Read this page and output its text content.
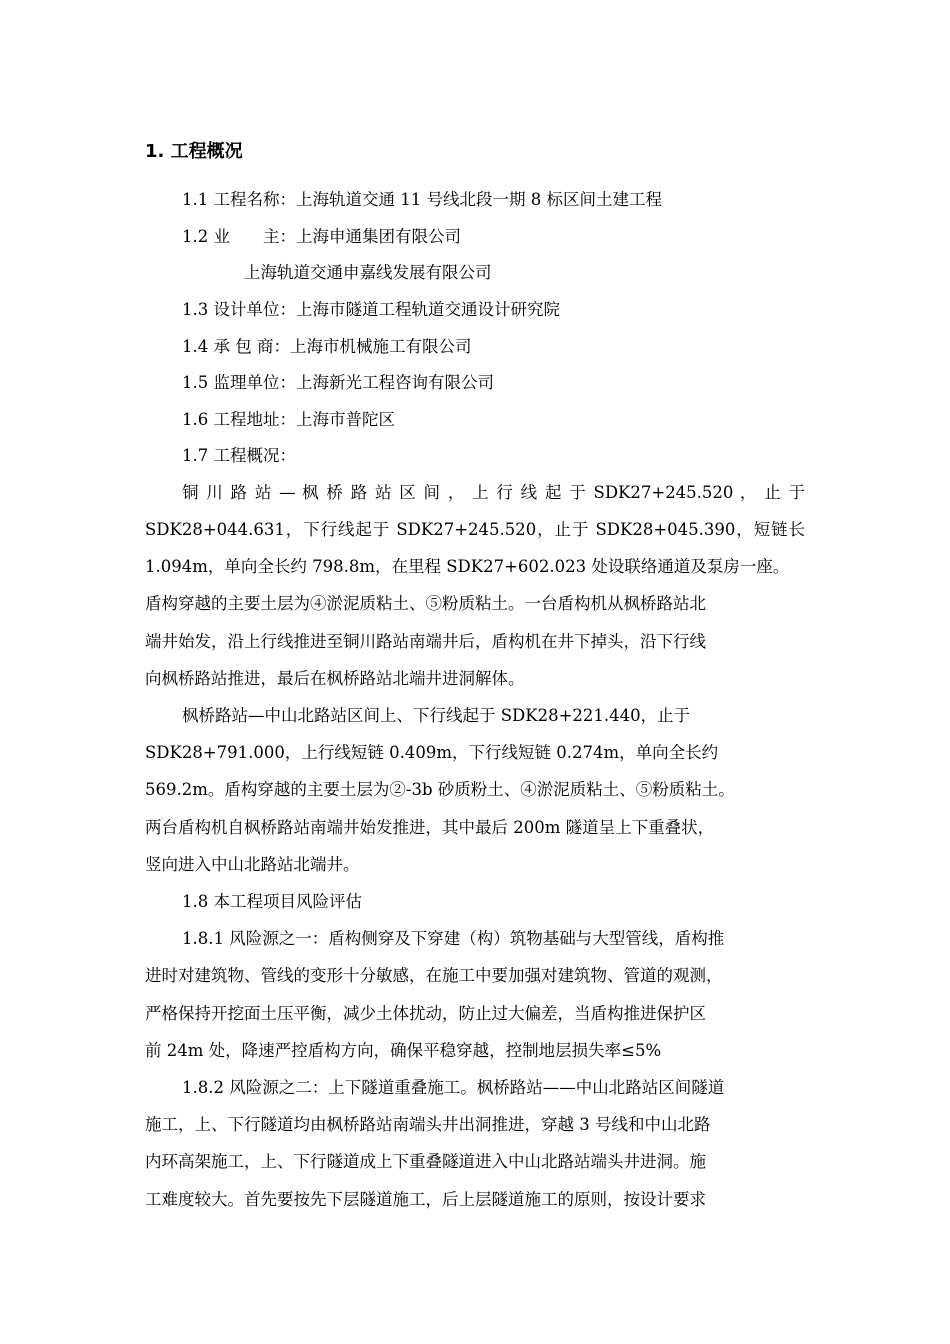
1. 工程概况
1.1 工程名称：上海轨道交通 11 号线北段一期 8 标区间土建工程
1.2 业　　主：上海申通集团有限公司
上海轨道交通申嘉线发展有限公司
1.3 设计单位：上海市隧道工程轨道交通设计研究院
1.4 承 包 商：上海市机械施工有限公司
1.5 监理单位：上海新光工程咨询有限公司
1.6 工程地址：上海市普陀区
1.7 工程概况：
铜 川 路 站 — 枫 桥 路 站 区 间 ， 上 行 线 起 于 SDK27+245.520 ， 止 于
SDK28+044.631，下行线起于 SDK27+245.520，止于 SDK28+045.390，短链长
1.094m，单向全长约 798.8m，在里程 SDK27+602.023 处设联络通道及泵房一座。
盾构穿越的主要土层为④淤泥质粘土、⑤粉质粘土。一台盾构机从枫桥路站北
端井始发，沿上行线推进至铜川路站南端井后，盾构机在井下掉头，沿下行线
向枫桥路站推进，最后在枫桥路站北端井进洞解体。
枫桥路站—中山北路站区间上、下行线起于 SDK28+221.440，止于
SDK28+791.000，上行线短链 0.409m，下行线短链 0.274m，单向全长约
569.2m。盾构穿越的主要土层为②-3b 砂质粉土、④淤泥质粘土、⑤粉质粘土。
两台盾构机自枫桥路站南端井始发推进，其中最后 200m 隧道呈上下重叠状，
竖向进入中山北路站北端井。
1.8 本工程项目风险评估
1.8.1 风险源之一：盾构侧穿及下穿建（构）筑物基础与大型管线，盾构推
进时对建筑物、管线的变形十分敏感，在施工中要加强对建筑物、管道的观测，
严格保持开挖面土压平衡，减少土体扰动，防止过大偏差，当盾构推进保护区
前 24m 处，降速严控盾构方向，确保平稳穿越，控制地层损失率≤5%
1.8.2 风险源之二：上下隧道重叠施工。枫桥路站——中山北路站区间隧道
施工，上、下行隧道均由枫桥路站南端头井出洞推进，穿越 3 号线和中山北路
内环高架施工，上、下行隧道成上下重叠隧道进入中山北路站端头井进洞。施
工难度较大。首先要按先下层隧道施工，后上层隧道施工的原则，按设计要求
